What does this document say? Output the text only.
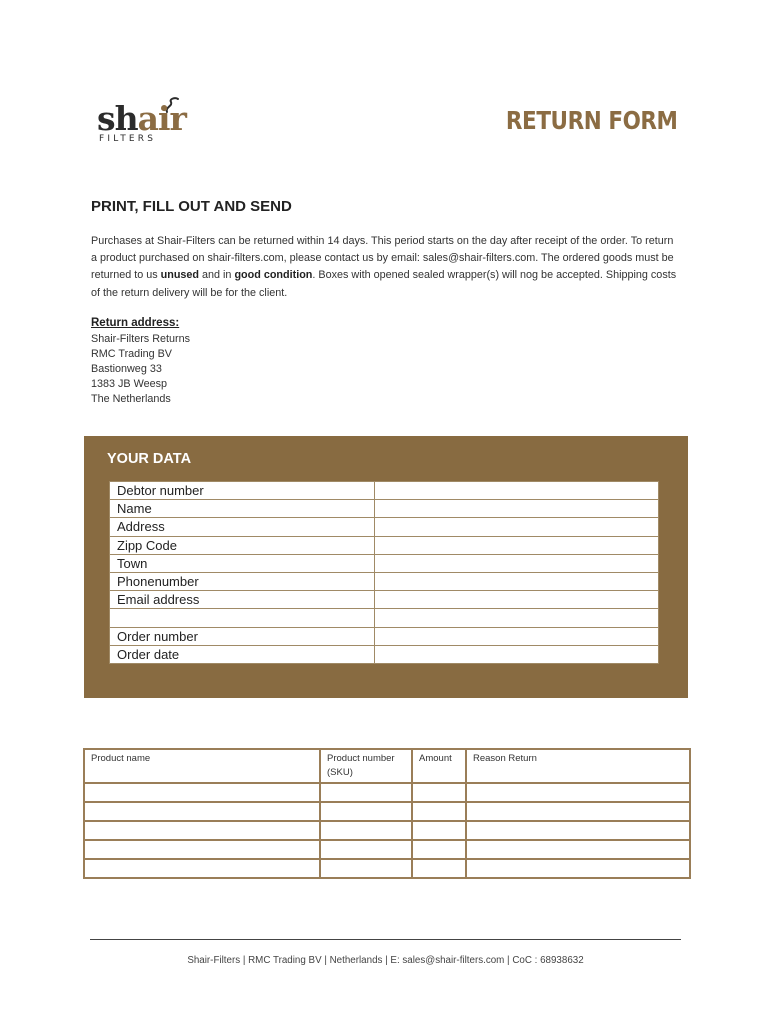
shair
FILTERS
RETURN FORM
PRINT, FILL OUT AND SEND

Purchases at Shair-Filters can be returned within 14 days. This period starts on the day after receipt of the order. To return a product purchased on shair-filters.com, please contact us by email: sales@shair-filters.com. The ordered goods must be returned to us unused and in good condition. Boxes with opened sealed wrapper(s) will nog be accepted. Shipping costs of the return delivery will be for the client.

Return address:
Shair-Filters Returns
RMC Trading BV
Bastionweg 33
1383 JB Weesp
The Netherlands
YOUR DATA
Debtor number	
Name	
Address	
Zipp Code	
Town	
Phonenumber	
Email address	

Order number	
Order date	
Product name	Product number (SKU)	Amount	Reason Return

Shair-Filters | RMC Trading BV | Netherlands | E: sales@shair-filters.com | CoC : 68938632
